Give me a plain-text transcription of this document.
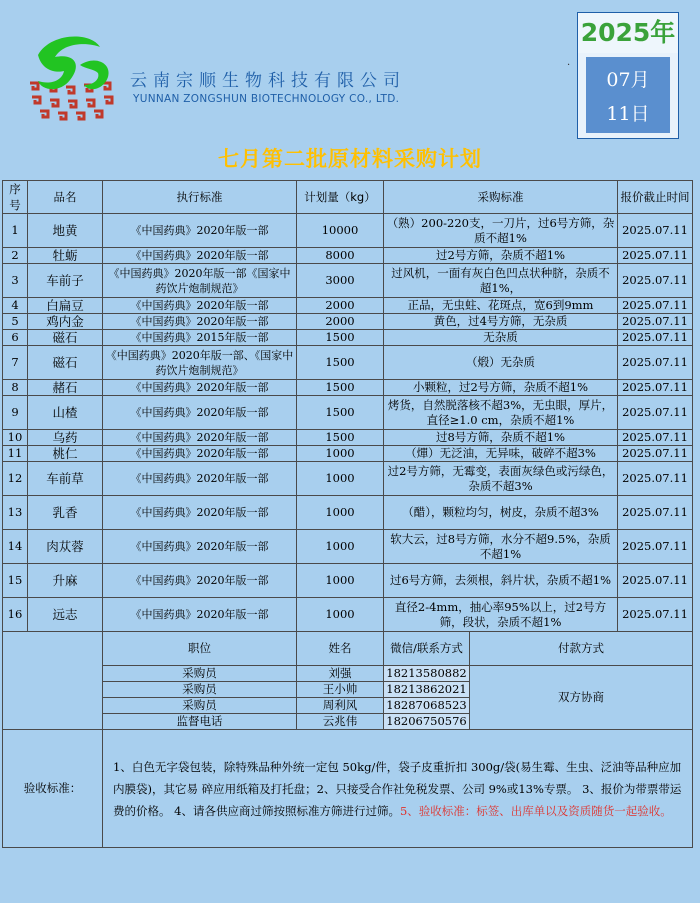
云南宗顺生物科技有限公司
YUNNAN ZONGSHUN BIOTECHNOLOGY CO., LTD.
·
2025年
07月
11日
七月第二批原材料采购计划
序号	品名	执行标准	计划量（kg）	采购标准		报价截止时间
1	地黄	《中国药典》2020年版一部	10000	（熟）200-220支，一刀片，过6号方筛，杂质不超1%		2025.07.11
2	牡蛎	《中国药典》2020年版一部	8000	过2号方筛，杂质不超1%		2025.07.11
3	车前子	《中国药典》2020年版一部《国家中药饮片炮制规范》	3000	过风机，一面有灰白色凹点状种脐，杂质不超1%，		2025.07.11
4	白扁豆	《中国药典》2020年版一部	2000	正品，无虫蛀、花斑点，宽6到9mm		2025.07.11
5	鸡内金	《中国药典》2020年版一部	2000	黄色，过4号方筛，无杂质		2025.07.11
6	磁石	《中国药典》2015年版一部	1500	无杂质		2025.07.11
7	磁石	《中国药典》2020年版一部、《国家中药饮片炮制规范》	1500	（煅）无杂质		2025.07.11
8	赭石	《中国药典》2020年版一部	1500	小颗粒，过2号方筛，杂质不超1%		2025.07.11
9	山楂	《中国药典》2020年版一部	1500	烤货，自然脱落核不超3%，无虫眼，厚片，直径≥1.0 cm，杂质不超1%		2025.07.11
10	乌药	《中国药典》2020年版一部	1500	过8号方筛，杂质不超1%		2025.07.11
11	桃仁	《中国药典》2020年版一部	1000	（燀）无泛油，无异味，破碎不超3%		2025.07.11
12	车前草	《中国药典》2020年版一部	1000	过2号方筛，无霉变，表面灰绿色或污绿色，杂质不超3%		2025.07.11
13	乳香	《中国药典》2020年版一部	1000	（醋），颗粒均匀，树皮，杂质不超3%		2025.07.11
14	肉苁蓉	《中国药典》2020年版一部	1000	软大云，过8号方筛，水分不超9.5%，杂质不超1%		2025.07.11
15	升麻	《中国药典》2020年版一部	1000	过6号方筛，去须根，斜片状，杂质不超1%		2025.07.11
16	远志	《中国药典》2020年版一部	1000	直径2-4mm，抽心率95%以上，过2号方筛，段状，杂质不超1%		2025.07.11
		职位	姓名	微信/联系方式	付款方式	
		采购员	刘强	18213580882	双方协商	
		采购员	王小帅	18213862021		
		采购员	周利风	18287068523		
		监督电话	云兆伟	18206750576		
验收标准：		1、白色无字袋包装，除特殊品种外统一定包 50kg/件，袋子皮重折扣 300g/袋(易生霉、生虫、泛油等品种应加内膜袋)，其它易 碎应用纸箱及打托盘；2、只接受合作社免税发票、公司 9%或13%专票。 3、报价为带票带运费的价格。 4、请各供应商过筛按照标准方筛进行过筛。5、验收标准：标签、出库单以及资质随货一起验收。				
